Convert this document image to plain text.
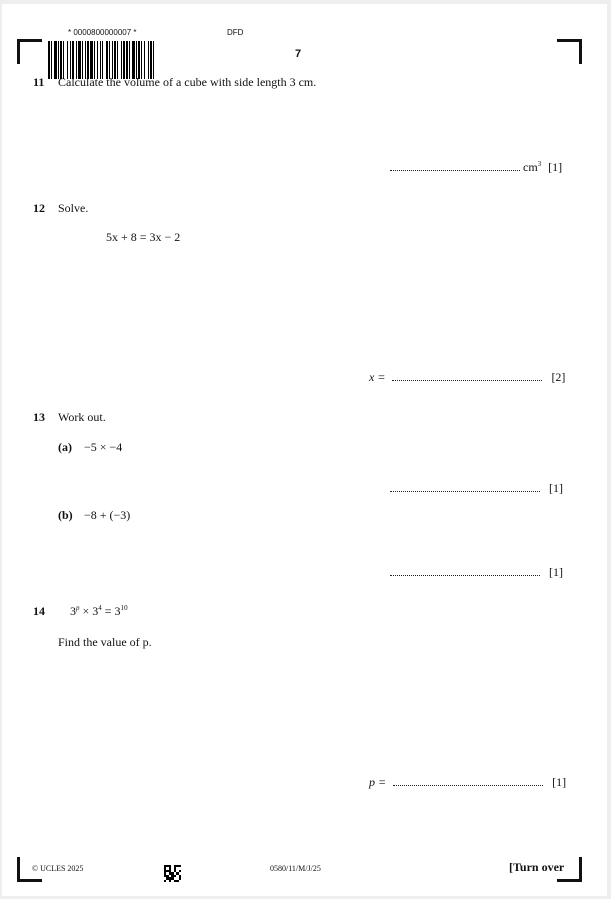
* 0000800000007 *	DFD
7
11 Calculate the volume of a cube with side length 3 cm.
$cm^3$ [1]
12 Solve.
5x + 8 = 3x − 2
x =	[2]
13 Work out.
(a) −5 × −4
[1]
(b) −8 + (−3)
[1]
14 $3^p \times 3^4 = 3^{10}$
Find the value of p.
p =	[1]
© UCLES 2025	0580/11/M/J/25	[Turn over
